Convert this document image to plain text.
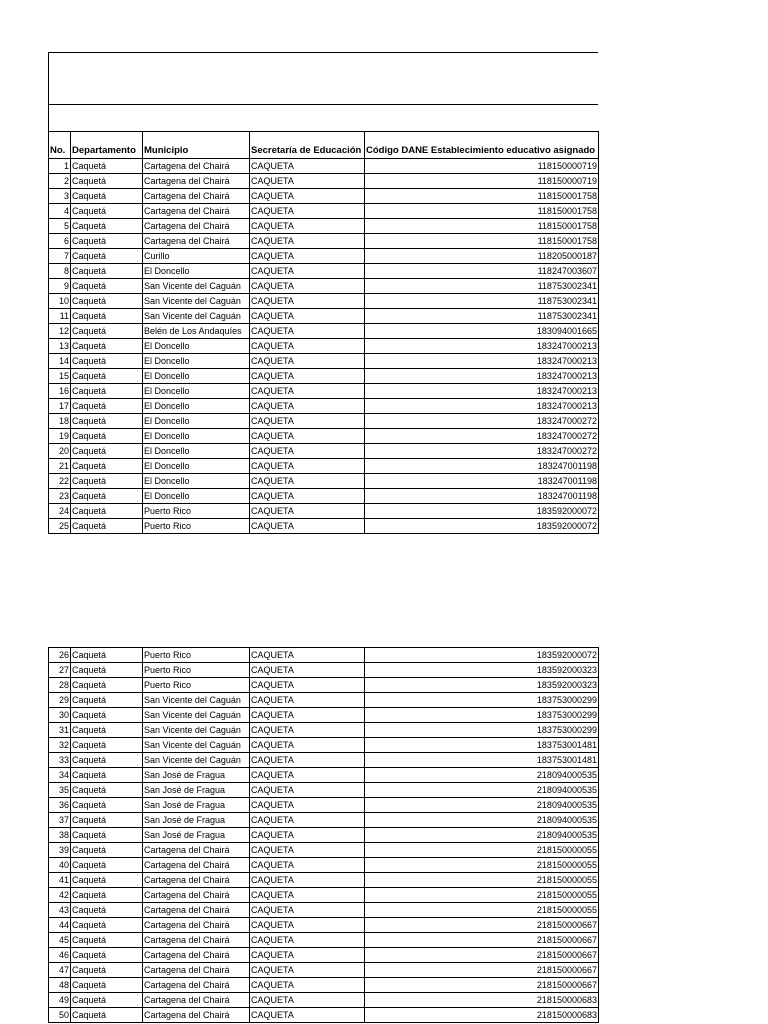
No.	Departamento	Municipio	Secretaría de Educación	Código DANE Establecimiento educativo asignado
1	Caquetá	Cartagena del Chairá	CAQUETA	118150000719
2	Caquetá	Cartagena del Chairá	CAQUETA	118150000719
3	Caquetá	Cartagena del Chairá	CAQUETA	118150001758
4	Caquetá	Cartagena del Chairá	CAQUETA	118150001758
5	Caquetá	Cartagena del Chairá	CAQUETA	118150001758
6	Caquetá	Cartagena del Chairá	CAQUETA	118150001758
7	Caquetá	Curillo	CAQUETA	118205000187
8	Caquetá	El Doncello	CAQUETA	118247003607
9	Caquetá	San Vicente del Caguán	CAQUETA	118753002341
10	Caquetá	San Vicente del Caguán	CAQUETA	118753002341
11	Caquetá	San Vicente del Caguán	CAQUETA	118753002341
12	Caquetá	Belén de Los Andaquíes	CAQUETA	183094001665
13	Caquetá	El Doncello	CAQUETA	183247000213
14	Caquetá	El Doncello	CAQUETA	183247000213
15	Caquetá	El Doncello	CAQUETA	183247000213
16	Caquetá	El Doncello	CAQUETA	183247000213
17	Caquetá	El Doncello	CAQUETA	183247000213
18	Caquetá	El Doncello	CAQUETA	183247000272
19	Caquetá	El Doncello	CAQUETA	183247000272
20	Caquetá	El Doncello	CAQUETA	183247000272
21	Caquetá	El Doncello	CAQUETA	183247001198
22	Caquetá	El Doncello	CAQUETA	183247001198
23	Caquetá	El Doncello	CAQUETA	183247001198
24	Caquetá	Puerto Rico	CAQUETA	183592000072
25	Caquetá	Puerto Rico	CAQUETA	183592000072
26	Caquetá	Puerto Rico	CAQUETA	183592000072
27	Caquetá	Puerto Rico	CAQUETA	183592000323
28	Caquetá	Puerto Rico	CAQUETA	183592000323
29	Caquetá	San Vicente del Caguán	CAQUETA	183753000299
30	Caquetá	San Vicente del Caguán	CAQUETA	183753000299
31	Caquetá	San Vicente del Caguán	CAQUETA	183753000299
32	Caquetá	San Vicente del Caguán	CAQUETA	183753001481
33	Caquetá	San Vicente del Caguán	CAQUETA	183753001481
34	Caquetá	San José de Fragua	CAQUETA	218094000535
35	Caquetá	San José de Fragua	CAQUETA	218094000535
36	Caquetá	San José de Fragua	CAQUETA	218094000535
37	Caquetá	San José de Fragua	CAQUETA	218094000535
38	Caquetá	San José de Fragua	CAQUETA	218094000535
39	Caquetá	Cartagena del Chairá	CAQUETA	218150000055
40	Caquetá	Cartagena del Chairá	CAQUETA	218150000055
41	Caquetá	Cartagena del Chairá	CAQUETA	218150000055
42	Caquetá	Cartagena del Chairá	CAQUETA	218150000055
43	Caquetá	Cartagena del Chairá	CAQUETA	218150000055
44	Caquetá	Cartagena del Chairá	CAQUETA	218150000667
45	Caquetá	Cartagena del Chairá	CAQUETA	218150000667
46	Caquetá	Cartagena del Chairá	CAQUETA	218150000667
47	Caquetá	Cartagena del Chairá	CAQUETA	218150000667
48	Caquetá	Cartagena del Chairá	CAQUETA	218150000667
49	Caquetá	Cartagena del Chairá	CAQUETA	218150000683
50	Caquetá	Cartagena del Chairá	CAQUETA	218150000683
